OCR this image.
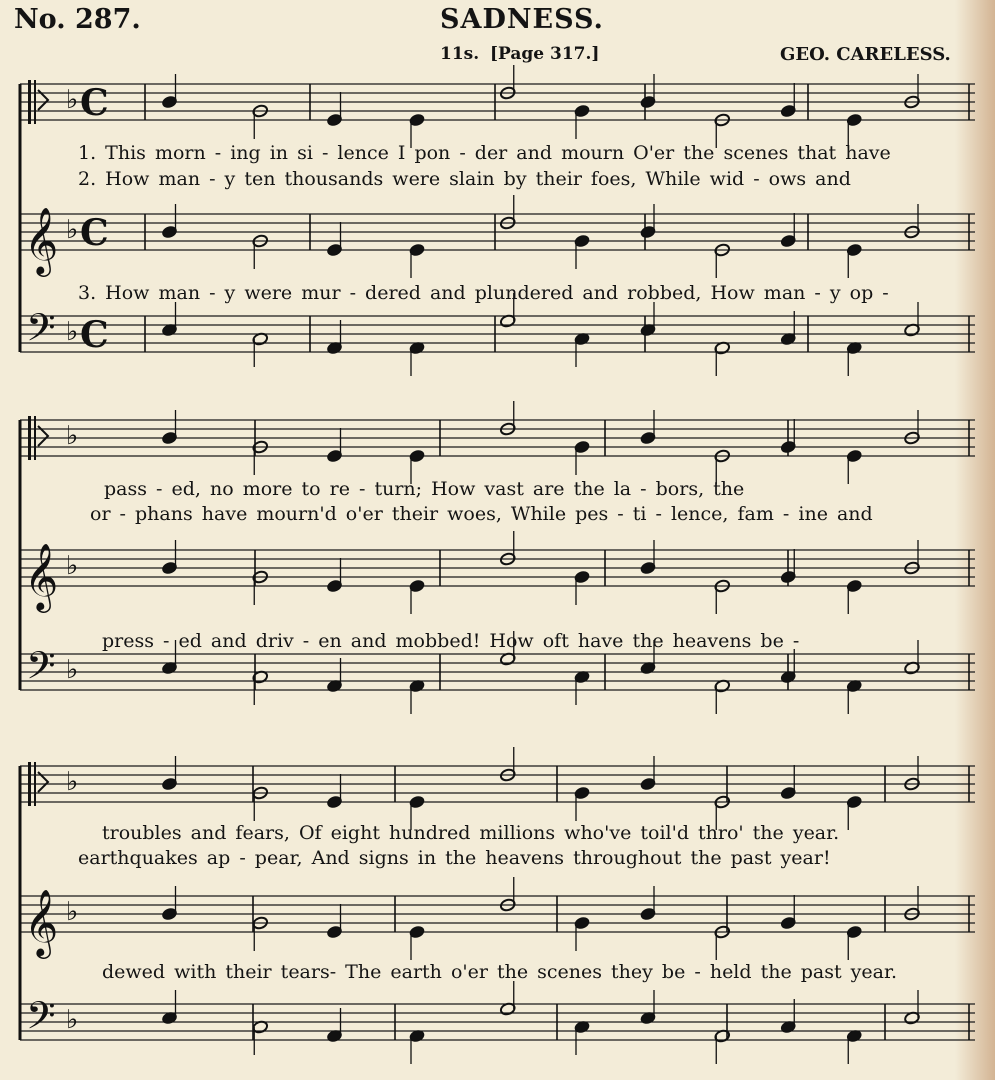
No. 287.	SADNESS.
11s. [Page 317.]	GEO. CARELESS.
♭ C
𝄞 ♭ C
𝄢 ♭ C
♭
𝄞 ♭
𝄢 ♭
♭
𝄞 ♭
𝄢 ♭
1. This morn - ing in si - lence I pon - der and mourn O'er the scenes that have
2. How man - y ten thousands were slain by their foes, While wid - ows and
3. How man - y were mur - dered and plundered and robbed, How man - y op -
pass - ed, no more to re - turn; How vast are the la - bors, the
or - phans have mourn'd o'er their woes, While pes - ti - lence, fam - ine and
press - ed and driv - en and mobbed! How oft have the heavens be -
troubles and fears, Of eight hundred millions who've toil'd thro' the year.
earthquakes ap - pear, And signs in the heavens throughout the past year!
dewed with their tears- The earth o'er the scenes they be - held the past year.
